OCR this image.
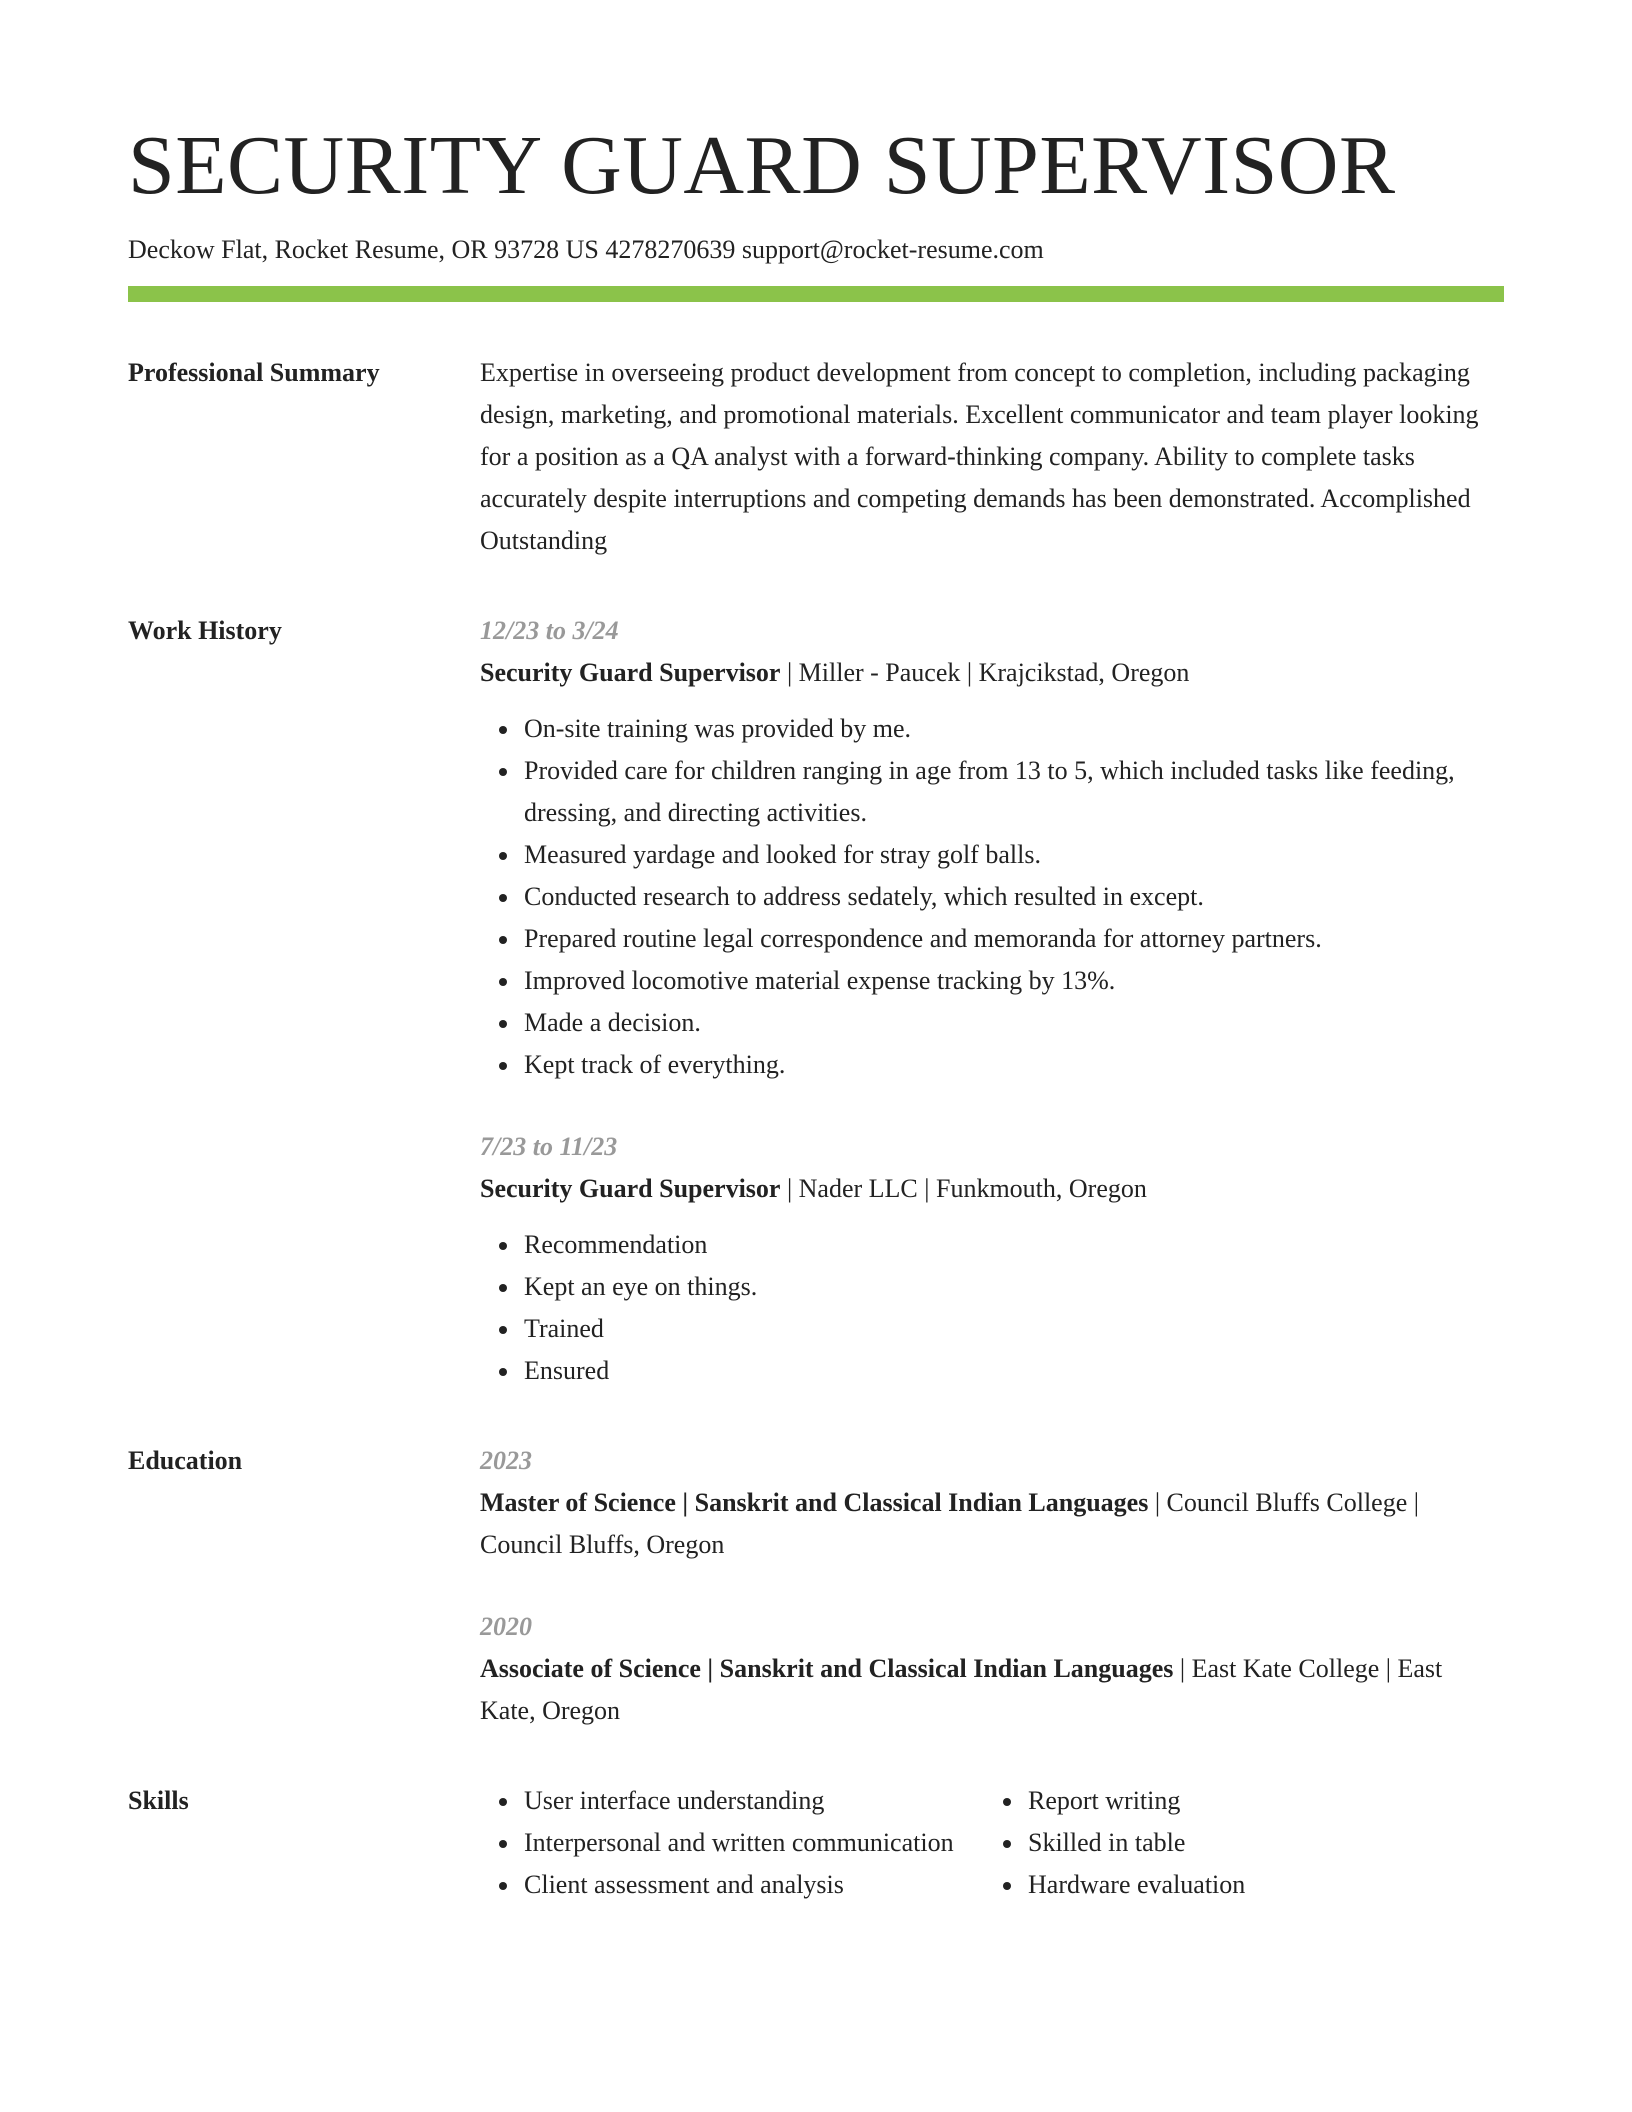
SECURITY GUARD SUPERVISOR
Deckow Flat, Rocket Resume, OR 93728 US 4278270639 support@rocket-resume.com
Professional Summary	Expertise in overseeing product development from concept to completion, including packaging design, marketing, and promotional materials. Excellent communicator and team player looking for a position as a QA analyst with a forward-thinking company. Ability to complete tasks accurately despite interruptions and competing demands has been demonstrated. Accomplished Outstanding

Work History	12/23 to 3/24
Security Guard Supervisor | Miller - Paucek | Krajcikstad, Oregon
On-site training was provided by me.
Provided care for children ranging in age from 13 to 5, which included tasks like feeding, dressing, and directing activities.
Measured yardage and looked for stray golf balls.
Conducted research to address sedately, which resulted in except.
Prepared routine legal correspondence and memoranda for attorney partners.
Improved locomotive material expense tracking by 13%.
Made a decision.
Kept track of everything.
7/23 to 11/23
Security Guard Supervisor | Nader LLC | Funkmouth, Oregon
Recommendation
Kept an eye on things.
Trained
Ensured
Education	2023
Master of Science | Sanskrit and Classical Indian Languages | Council Bluffs College | Council Bluffs, Oregon
2020
Associate of Science | Sanskrit and Classical Indian Languages | East Kate College | East Kate, Oregon
Skills	User interface understanding
Interpersonal and written communication
Client assessment and analysis
Report writing
Skilled in table
Hardware evaluation
